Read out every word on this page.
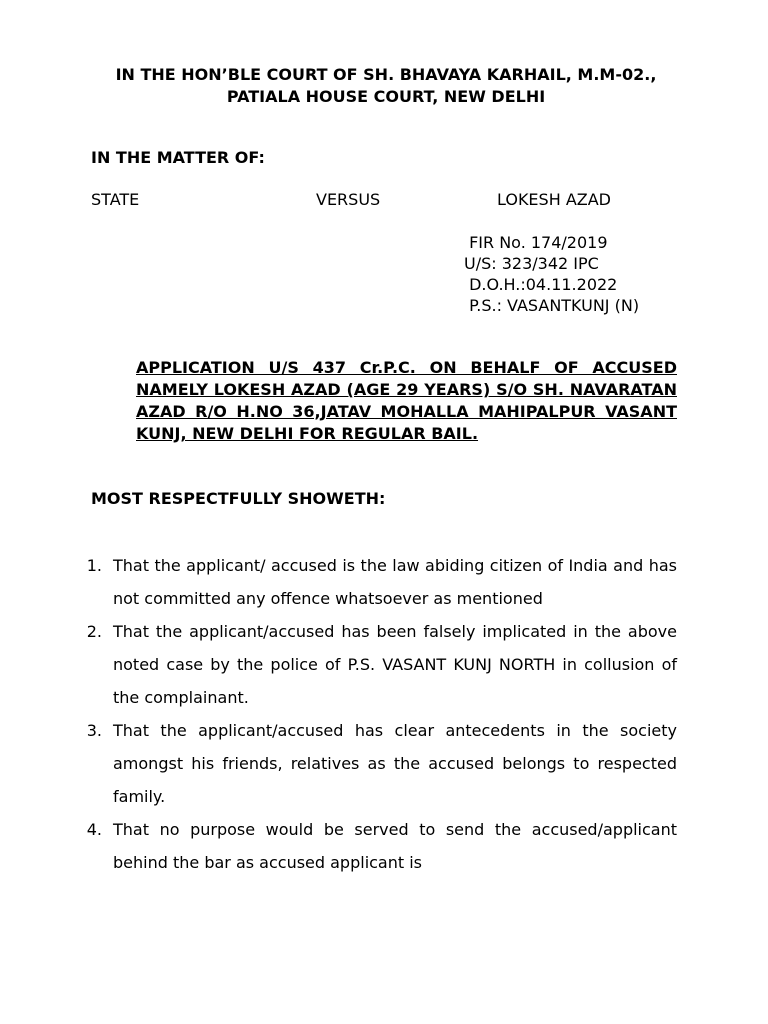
IN THE HON’BLE COURT OF SH. BHAVAYA KARHAIL, M.M-02., PATIALA HOUSE COURT, NEW DELHI
IN THE MATTER OF:
STATE	VERSUS	LOKESH AZAD
FIR No. 174/2019
U/S: 323/342 IPC
D.O.H.:04.11.2022
P.S.: VASANTKUNJ (N)
APPLICATION U/S 437 Cr.P.C. ON BEHALF OF ACCUSED NAMELY LOKESH AZAD (AGE 29 YEARS) S/O SH. NAVARATAN AZAD R/O H.NO 36,JATAV MOHALLA MAHIPALPUR VASANT KUNJ, NEW DELHI FOR REGULAR BAIL.
MOST RESPECTFULLY SHOWETH:
1. That the applicant/ accused is the law abiding citizen of India and has not committed any offence whatsoever as mentioned
2. That the applicant/accused has been falsely implicated in the above noted case by the police of P.S. VASANT KUNJ NORTH in collusion of the complainant.
3. That the applicant/accused has clear antecedents in the society amongst his friends, relatives as the accused belongs to respected family.
4. That no purpose would be served to send the accused/applicant behind the bar as accused applicant is
